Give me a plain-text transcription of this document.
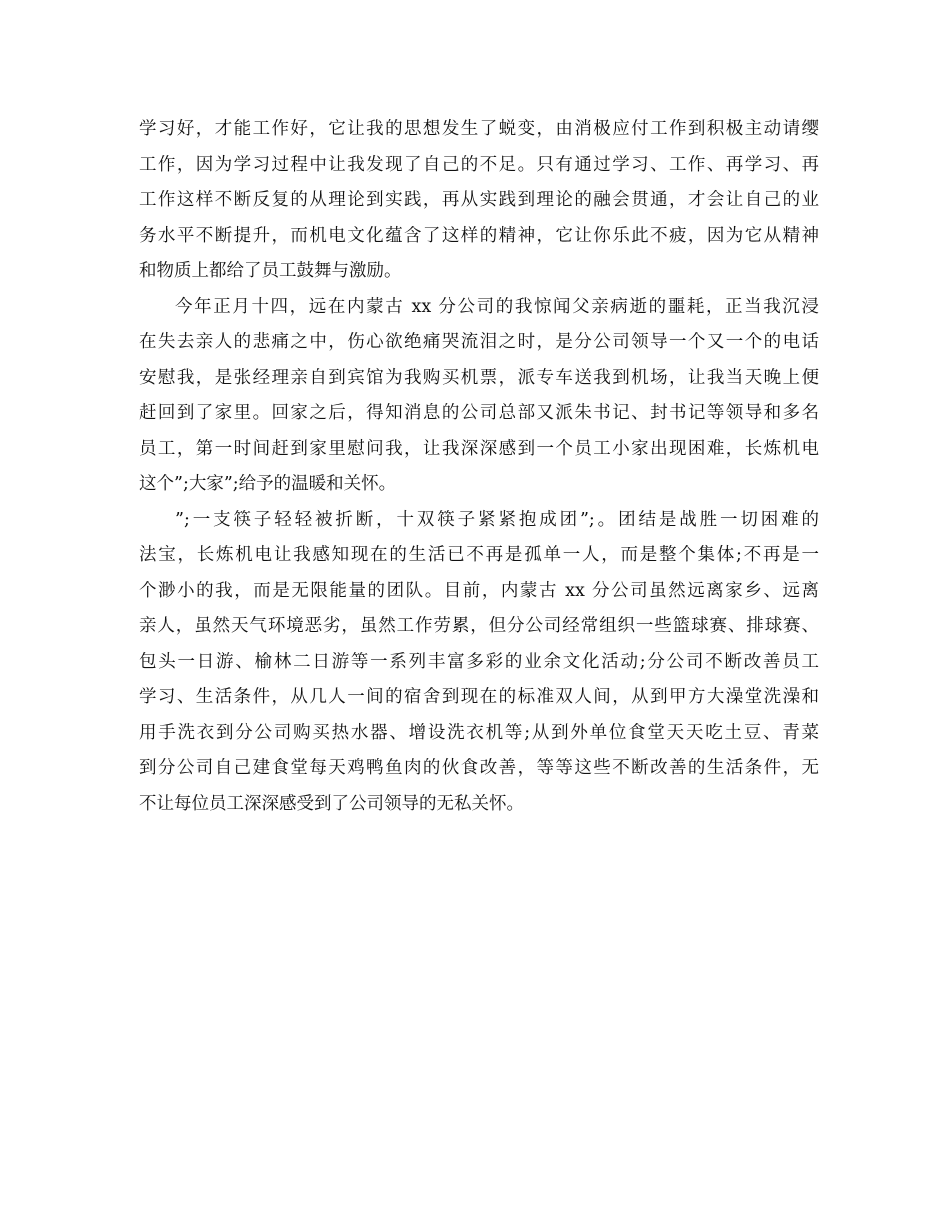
学习好，才能工作好，它让我的思想发生了蜕变，由消极应付工作到积极主动请缨
工作，因为学习过程中让我发现了自己的不足。只有通过学习、工作、再学习、再
工作这样不断反复的从理论到实践，再从实践到理论的融会贯通，才会让自己的业
务水平不断提升，而机电文化蕴含了这样的精神，它让你乐此不疲，因为它从精神
和物质上都给了员工鼓舞与激励。
今年正月十四，远在内蒙古 xx 分公司的我惊闻父亲病逝的噩耗，正当我沉浸
在失去亲人的悲痛之中，伤心欲绝痛哭流泪之时，是分公司领导一个又一个的电话
安慰我，是张经理亲自到宾馆为我购买机票，派专车送我到机场，让我当天晚上便
赶回到了家里。回家之后，得知消息的公司总部又派朱书记、封书记等领导和多名
员工，第一时间赶到家里慰问我，让我深深感到一个员工小家出现困难，长炼机电
这个”;大家”;给予的温暖和关怀。
”;一支筷子轻轻被折断，十双筷子紧紧抱成团”;。团结是战胜一切困难的
法宝，长炼机电让我感知现在的生活已不再是孤单一人，而是整个集体;不再是一
个渺小的我，而是无限能量的团队。目前，内蒙古 xx 分公司虽然远离家乡、远离
亲人，虽然天气环境恶劣，虽然工作劳累，但分公司经常组织一些篮球赛、排球赛、
包头一日游、榆林二日游等一系列丰富多彩的业余文化活动;分公司不断改善员工
学习、生活条件，从几人一间的宿舍到现在的标准双人间，从到甲方大澡堂洗澡和
用手洗衣到分公司购买热水器、增设洗衣机等;从到外单位食堂天天吃土豆、青菜
到分公司自己建食堂每天鸡鸭鱼肉的伙食改善，等等这些不断改善的生活条件，无
不让每位员工深深感受到了公司领导的无私关怀。
